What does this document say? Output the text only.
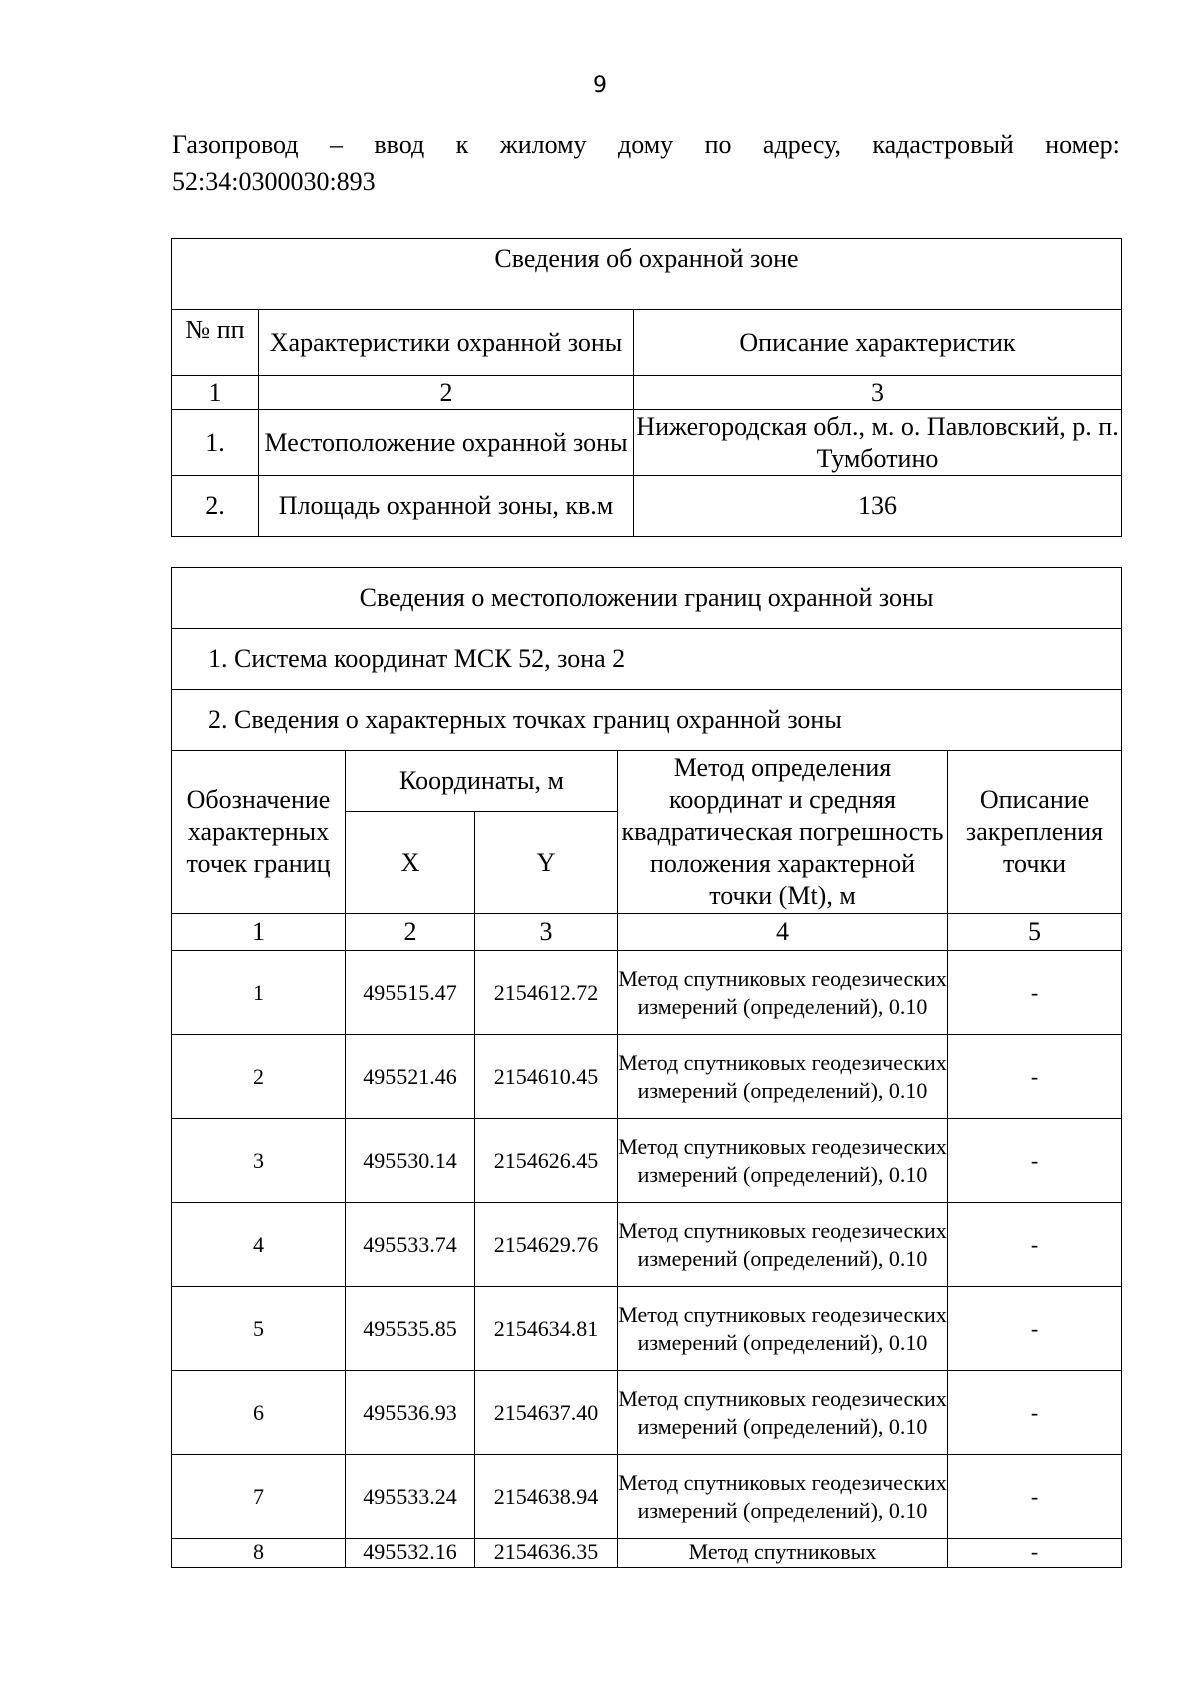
9
Газопровод – ввод к жилому дому по адресу, кадастровый номер:
52:34:0300030:893
Сведения об охранной зоне		
№ пп	Характеристики охранной зоны	Описание характеристик
1	2	3
1.	Местоположение охранной зоны	Нижегородская обл., м. о. Павловский, р. п. Тумботино
2.	Площадь охранной зоны, кв.м	136
Сведения о местоположении границ охранной зоны				
1. Система координат МСК 52, зона 2				
2. Сведения о характерных точках границ охранной зоны				
Обозначение характерных точек границ	Координаты, м		Метод определения координат и средняя квадратическая погрешность положения характерной точки (Mt), м	Описание закрепления точки
	X	Y		
1	2	3	4	5
1	495515.47	2154612.72	Метод спутниковых геодезических измерений (определений), 0.10	-
2	495521.46	2154610.45	Метод спутниковых геодезических измерений (определений), 0.10	-
3	495530.14	2154626.45	Метод спутниковых геодезических измерений (определений), 0.10	-
4	495533.74	2154629.76	Метод спутниковых геодезических измерений (определений), 0.10	-
5	495535.85	2154634.81	Метод спутниковых геодезических измерений (определений), 0.10	-
6	495536.93	2154637.40	Метод спутниковых геодезических измерений (определений), 0.10	-
7	495533.24	2154638.94	Метод спутниковых геодезических измерений (определений), 0.10	-
8	495532.16	2154636.35	Метод спутниковых	-
